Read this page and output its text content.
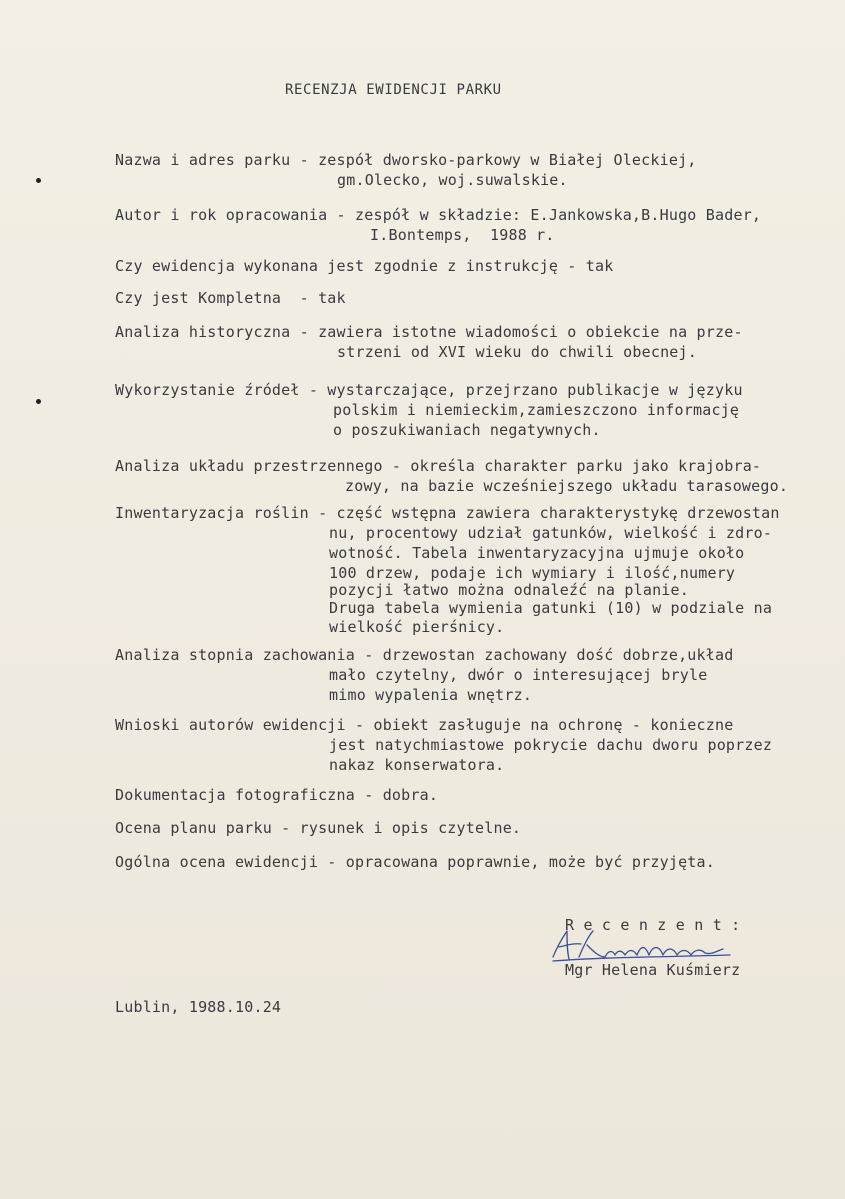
RECENZJA EWIDENCJI PARKU
Nazwa i adres parku - zespół dworsko-parkowy w Białej Oleckiej,
gm.Olecko, woj.suwalskie.
Autor i rok opracowania - zespół w składzie: E.Jankowska,B.Hugo Bader,
I.Bontemps,  1988 r.
Czy ewidencja wykonana jest zgodnie z instrukcję - tak
Czy jest Kompletna  - tak
Analiza historyczna - zawiera istotne wiadomości o obiekcie na prze-
strzeni od XVI wieku do chwili obecnej.
Wykorzystanie źródeł - wystarczające, przejrzano publikacje w języku
polskim i niemieckim,zamieszczono informację
o poszukiwaniach negatywnych.
Analiza układu przestrzennego - określa charakter parku jako krajobra-
zowy, na bazie wcześniejszego układu tarasowego.
Inwentaryzacja roślin - część wstępna zawiera charakterystykę drzewostan
nu, procentowy udział gatunków, wielkość i zdro-
wotność. Tabela inwentaryzacyjna ujmuje około
100 drzew, podaje ich wymiary i ilość,numery
pozycji łatwo można odnaleźć na planie.
Druga tabela wymienia gatunki (10) w podziale na
wielkość pierśnicy.
Analiza stopnia zachowania - drzewostan zachowany dość dobrze,układ
mało czytelny, dwór o interesującej bryle
mimo wypalenia wnętrz.
Wnioski autorów ewidencji - obiekt zasługuje na ochronę - konieczne
jest natychmiastowe pokrycie dachu dworu poprzez
nakaz konserwatora.
Dokumentacja fotograficzna - dobra.
Ocena planu parku - rysunek i opis czytelne.
Ogólna ocena ewidencji - opracowana poprawnie, może być przyjęta.
R e c e n z e n t :
HKuśmierz
Mgr Helena Kuśmierz
Lublin, 1988.10.24
